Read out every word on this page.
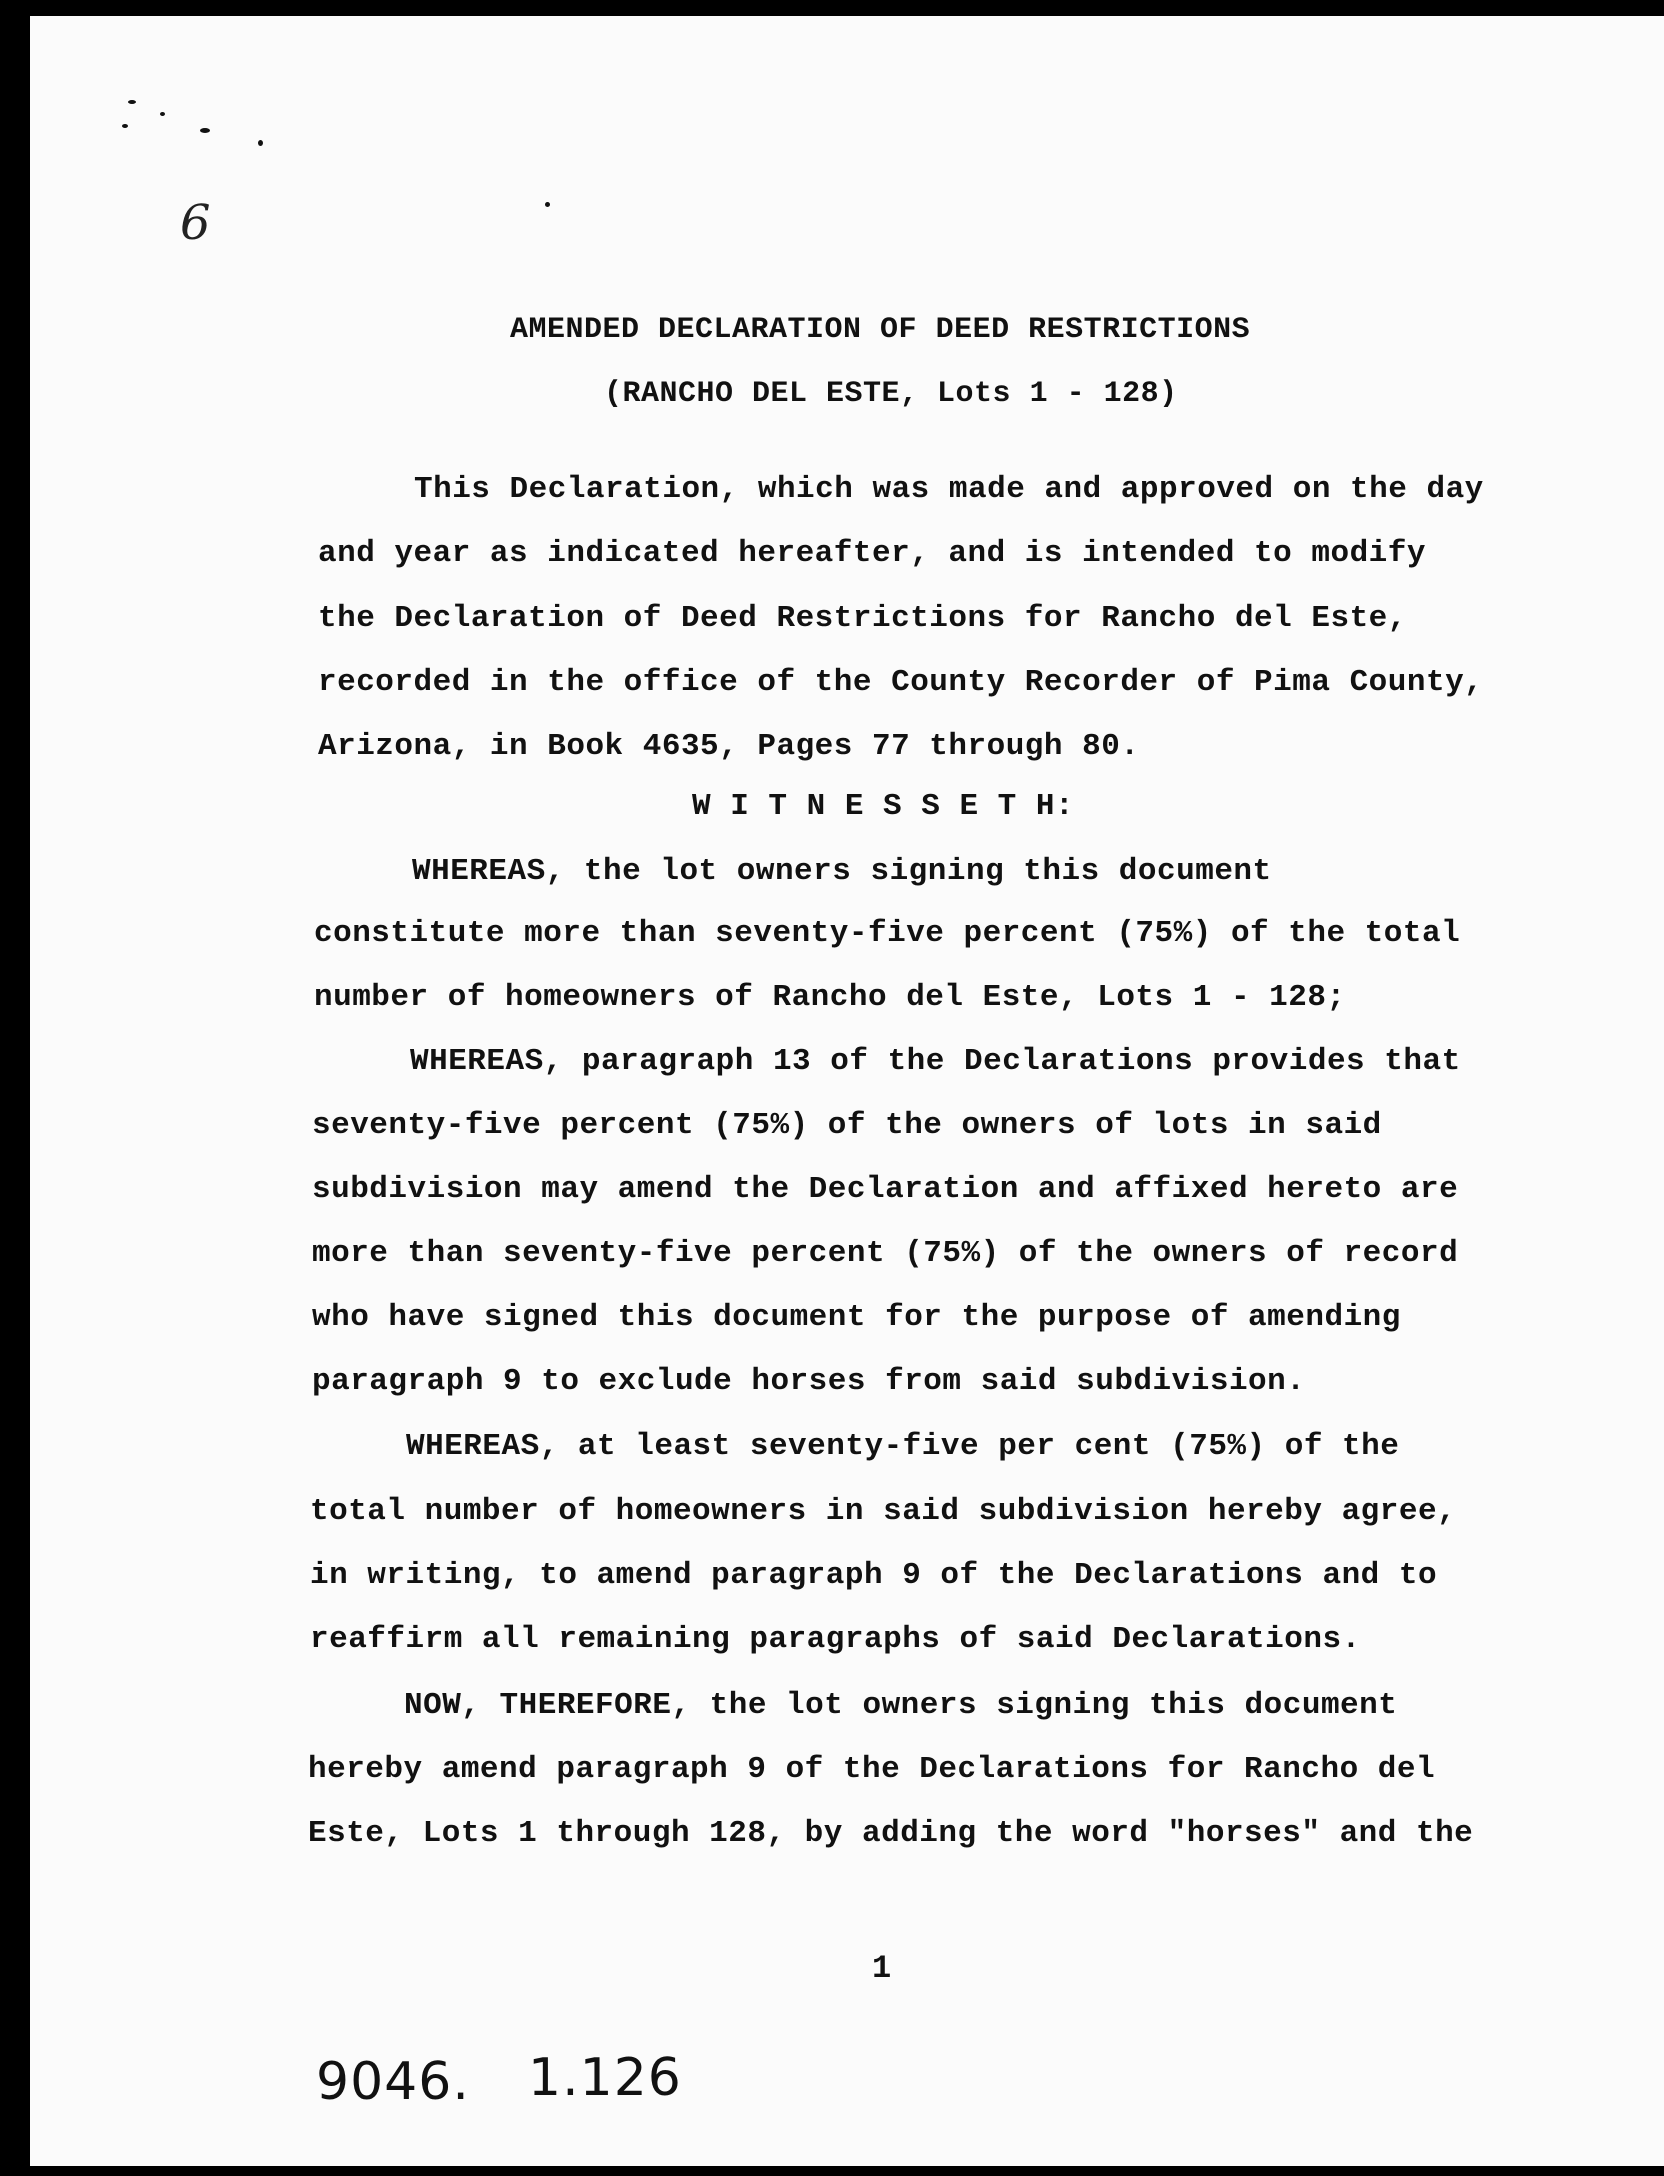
6
AMENDED DECLARATION OF DEED RESTRICTIONS
(RANCHO DEL ESTE, Lots 1 - 128)
This Declaration, which was made and approved on the day
and year as indicated hereafter, and is intended to modify
the Declaration of Deed Restrictions for Rancho del Este,
recorded in the office of the County Recorder of Pima County,
Arizona, in Book 4635, Pages 77 through 80.
W I T N E S S E T H:
WHEREAS, the lot owners signing this document
constitute more than seventy-five percent (75%) of the total
number of homeowners of Rancho del Este, Lots 1 - 128;
WHEREAS, paragraph 13 of the Declarations provides that
seventy-five percent (75%) of the owners of lots in said
subdivision may amend the Declaration and affixed hereto are
more than seventy-five percent (75%) of the owners of record
who have signed this document for the purpose of amending
paragraph 9 to exclude horses from said subdivision.
WHEREAS, at least seventy-five per cent (75%) of the
total number of homeowners in said subdivision hereby agree,
in writing, to amend paragraph 9 of the Declarations and to
reaffirm all remaining paragraphs of said Declarations.
NOW, THEREFORE, the lot owners signing this document
hereby amend paragraph 9 of the Declarations for Rancho del
Este, Lots 1 through 128, by adding the word "horses" and the
1
9046. 1.126
